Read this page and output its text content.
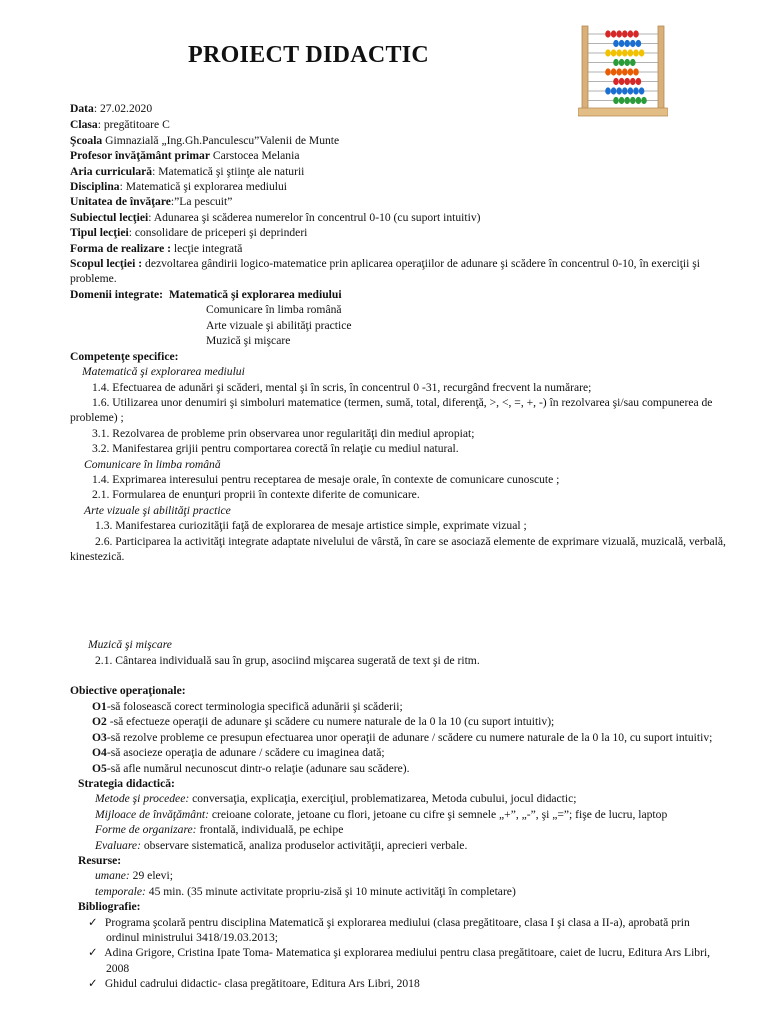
PROIECT DIDACTIC
Data: 27.02.2020
Clasa: pregătitoare C
Şcoala Gimnazială „Ing.Gh.Panculescu”Valenii de Munte
Profesor învăţământ primar Carstocea Melania
Aria curriculară: Matematică şi ştiinţe ale naturii
Disciplina: Matematică şi explorarea mediului
Unitatea de învăţare:”La pescuit”
Subiectul lecţiei: Adunarea şi scăderea numerelor în concentrul 0-10 (cu suport intuitiv)
Tipul lecţiei: consolidare de priceperi şi deprinderi
Forma de realizare : lecţie integrată
Scopul lecţiei : dezvoltarea gândirii logico-matematice prin aplicarea operaţiilor de adunare şi scădere în concentrul 0-10, în exerciţii şi
probleme.
Domenii integrate: Matematică şi explorarea mediului
Comunicare în limba română
Arte vizuale şi abilităţi practice
Muzică şi mişcare
Competenţe specifice:
Matematică şi explorarea mediului
1.4. Efectuarea de adunări şi scăderi, mental şi în scris, în concentrul 0 -31, recurgând frecvent la numărare;
1.6. Utilizarea unor denumiri şi simboluri matematice (termen, sumă, total, diferenţă, >, <, =, +, -) în rezolvarea şi/sau compunerea de
probleme) ;
3.1. Rezolvarea de probleme prin observarea unor regularităţi din mediul apropiat;
3.2. Manifestarea grijii pentru comportarea corectă în relaţie cu mediul natural.
Comunicare în limba română
1.4. Exprimarea interesului pentru receptarea de mesaje orale, în contexte de comunicare cunoscute ;
2.1. Formularea de enunţuri proprii în contexte diferite de comunicare.
Arte vizuale şi abilităţi practice
1.3. Manifestarea curiozităţii faţă de explorarea de mesaje artistice simple, exprimate vizual ;
2.6. Participarea la activităţi integrate adaptate nivelului de vârstă, în care se asociază elemente de exprimare vizuală, muzicală, verbală,
kinestezică.
Muzică şi mişcare
2.1. Cântarea individuală sau în grup, asociind mişcarea sugerată de text şi de ritm.
Obiective operaţionale:
O1-să folosească corect terminologia specifică adunării şi scăderii;
O2 -să efectueze operaţii de adunare şi scădere cu numere naturale de la 0 la 10 (cu suport intuitiv);
O3-să rezolve probleme ce presupun efectuarea unor operaţii de adunare / scădere cu numere naturale de la 0 la 10, cu suport intuitiv;
O4-să asocieze operaţia de adunare / scădere cu imaginea dată;
O5-să afle numărul necunoscut dintr-o relaţie (adunare sau scădere).
Strategia didactică:
Metode şi procedee: conversaţia, explicaţia, exerciţiul, problematizarea, Metoda cubului, jocul didactic;
Mijloace de învăţământ: creioane colorate, jetoane cu flori, jetoane cu cifre şi semnele „+”, „-”, şi „=”; fişe de lucru, laptop
Forme de organizare: frontală, individuală, pe echipe
Evaluare: observare sistematică, analiza produselor activităţii, aprecieri verbale.
Resurse:
umane: 29 elevi;
temporale: 45 min. (35 minute activitate propriu-zisă şi 10 minute activităţi în completare)
Bibliografie:
✓ Programa şcolară pentru disciplina Matematică şi explorarea mediului (clasa pregătitoare, clasa I şi clasa a II-a), aprobată prin
ordinul ministrului 3418/19.03.2013;
✓ Adina Grigore, Cristina Ipate Toma- Matematica şi explorarea mediului pentru clasa pregătitoare, caiet de lucru, Editura Ars Libri,
2008
✓ Ghidul cadrului didactic- clasa pregătitoare, Editura Ars Libri, 2018
